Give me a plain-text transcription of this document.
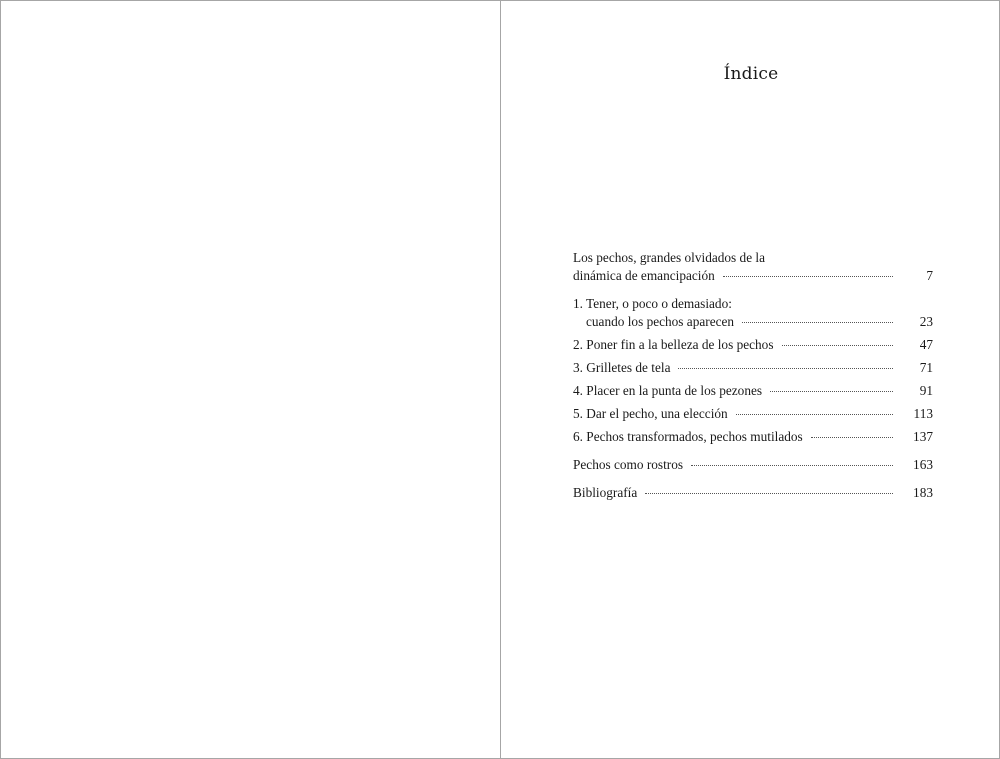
Índice
Los pechos, grandes olvidados de la
dinámica de emancipación	7
1. Tener, o poco o demasiado:
cuando los pechos aparecen	23
2. Poner fin a la belleza de los pechos	47
3. Grilletes de tela	71
4. Placer en la punta de los pezones	91
5. Dar el pecho, una elección	113
6. Pechos transformados, pechos mutilados	137
Pechos como rostros	163
Bibliografía	183
